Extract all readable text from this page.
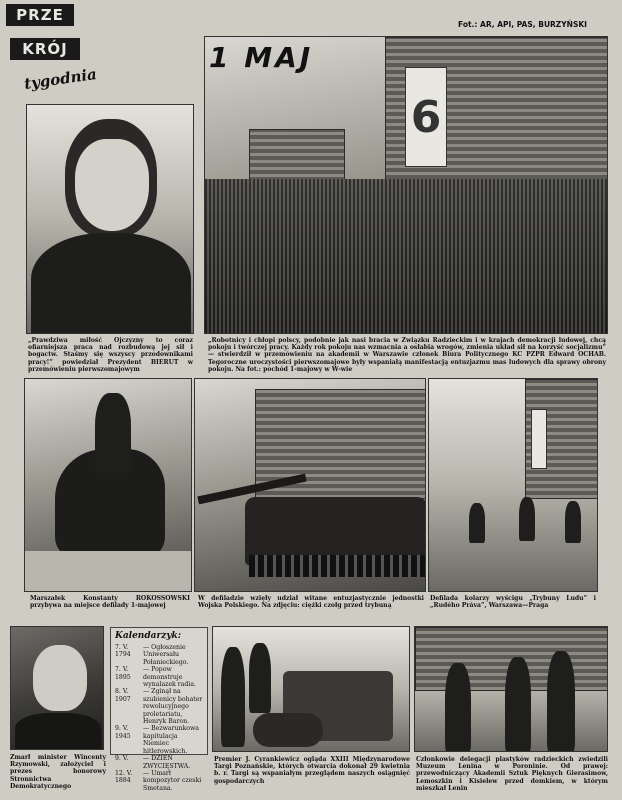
PRZE
KRÓJ
tygodnia
Fot.: AR, API, PAS, BURZYŃSKI
6
1 MAJ
„Prawdziwa miłość Ojczyzny to coraz ofiarniejsza praca nad rozbudową jej sił i bogactw. Staśmy się wszyscy przodownikami pracy!” powiedział Prezydent BIERUT w przemówieniu pierwszomajowym
„Robotnicy i chłopi polscy, podobnie jak nasi bracia w Związku Radzieckim i w krajach demokracji ludowej, chcą pokoju i twórczej pracy. Każdy rok pokoju nas wzmacnia a osłabia wrogów, zmienia układ sił na korzyść socjalizmu” — stwierdził w przemówieniu na akademii w Warszawie członek Biura Politycznego KC PZPR Edward OCHAB. Tegoroczne uroczystości pierwszomajowe były wspaniałą manifestacją entuzjazmu mas ludowych dla sprawy obrony pokoju. Na fot.: pochód 1-majowy w W-wie
Marszałek Konstanty ROKOSSOWSKI przybywa na miejsce defilady 1-majowej
W defiladzie wzięły udział witane entuzjastycznie jednostki Wojska Polskiego. Na zdjęciu: ciężki czołg przed trybuną
Defilada kolarzy wyścigu „Trybuny Ludu” i „Rudého Práva”, Warszawa—Praga
Zmarł minister Wincenty Rzymowski, założyciel i prezes honorowy Stronnictwa Demokratycznego
Kalendarzyk:
7. V. 1794
— Ogłoszenie Uniwersału Połanieckiego.
7. V. 1895
— Popow demonstruje wynalazek radia.
8. V. 1907
— Zginął na szubienicy bohater rewolucyjnego proletariatu, Henryk Baron.
9. V. 1945
— Bezwarunkowa kapitulacja Niemiec hitlerowskich.
9. V.	— DZIEŃ ZWYCIĘSTWA.
12. V. 1884
— Umarł kompozytor czeski Smetana.
Premier J. Cyrankiewicz ogląda XXIII Międzynarodowe Targi Poznańskie, których otwarcia dokonał 29 kwietnia b. r. Targi są wspaniałym przeglądem naszych osiągnięć gospodarczych
Członkowie delegacji plastyków radzieckich zwiedzili Muzeum Lenina w Poroninie. Od prawej: przewodniczący Akademii Sztuk Pięknych Gierasimow, Lemoszkin i Kisielew przed domkiem, w którym mieszkał Lenin
